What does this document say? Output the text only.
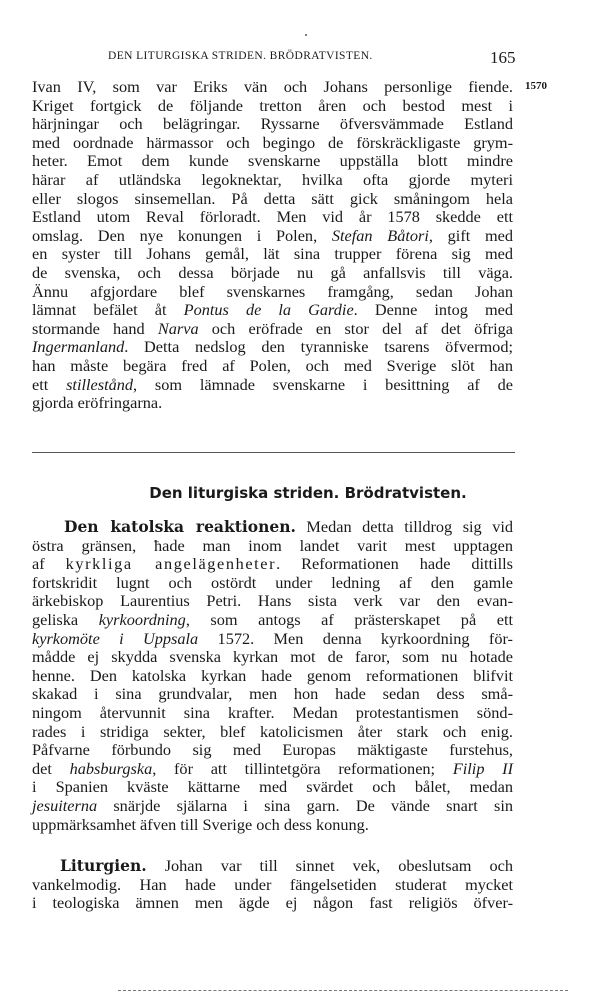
DEN LITURGISKA STRIDEN. BRÖDRATVISTEN.	165
1570
Ivan IV, som var Eriks vän och Johans personlige fiende.
Kriget fortgick de följande tretton åren och bestod mest i
härjningar och belägringar. Ryssarne öfversvämmade Estland
med oordnade härmassor och begingo de förskräckligaste grym-
heter. Emot dem kunde svenskarne uppställa blott mindre
härar af utländska legoknektar, hvilka ofta gjorde myteri
eller slogos sinsemellan. På detta sätt gick småningom hela
Estland utom Reval förloradt. Men vid år 1578 skedde ett
omslag. Den nye konungen i Polen, Stefan Båtori, gift med
en syster till Johans gemål, lät sina trupper förena sig med
de svenska, och dessa började nu gå anfallsvis till väga.
Ännu afgjordare blef svenskarnes framgång, sedan Johan
lämnat befälet åt Pontus de la Gardie. Denne intog med
stormande hand Narva och eröfrade en stor del af det öfriga
Ingermanland. Detta nedslog den tyranniske tsarens öfvermod;
han måste begära fred af Polen, och med Sverige slöt han
ett stillestånd, som lämnade svenskarne i besittning af de
gjorda eröfringarna.
Den liturgiska striden. Brödratvisten.
Den katolska reaktionen. Medan detta tilldrog sig vid
östra gränsen, ħade man inom landet varit mest upptagen
af kyrkliga angelägenheter. Reformationen hade dittills
fortskridit lugnt och ostördt under ledning af den gamle
ärkebiskop Laurentius Petri. Hans sista verk var den evan-
geliska kyrkoordning, som antogs af prästerskapet på ett
kyrkomöte i Uppsala 1572. Men denna kyrkoordning för-
mådde ej skydda svenska kyrkan mot de faror, som nu hotade
henne. Den katolska kyrkan hade genom reformationen blifvit
skakad i sina grundvalar, men hon hade sedan dess små-
ningom återvunnit sina krafter. Medan protestantismen sönd-
rades i stridiga sekter, blef katolicismen åter stark och enig.
Påfvarne förbundo sig med Europas mäktigaste furstehus,
det habsburgska, för att tillintetgöra reformationen; Filip II
i Spanien kväste kättarne med svärdet och bålet, medan
jesuiterna snärjde själarna i sina garn. De vände snart sin
uppmärksamhet äfven till Sverige och dess konung.
Liturgien. Johan var till sinnet vek, obeslutsam och
vankelmodig. Han hade under fängelsetiden studerat mycket
i teologiska ämnen men ägde ej någon fast religiös öfver-
